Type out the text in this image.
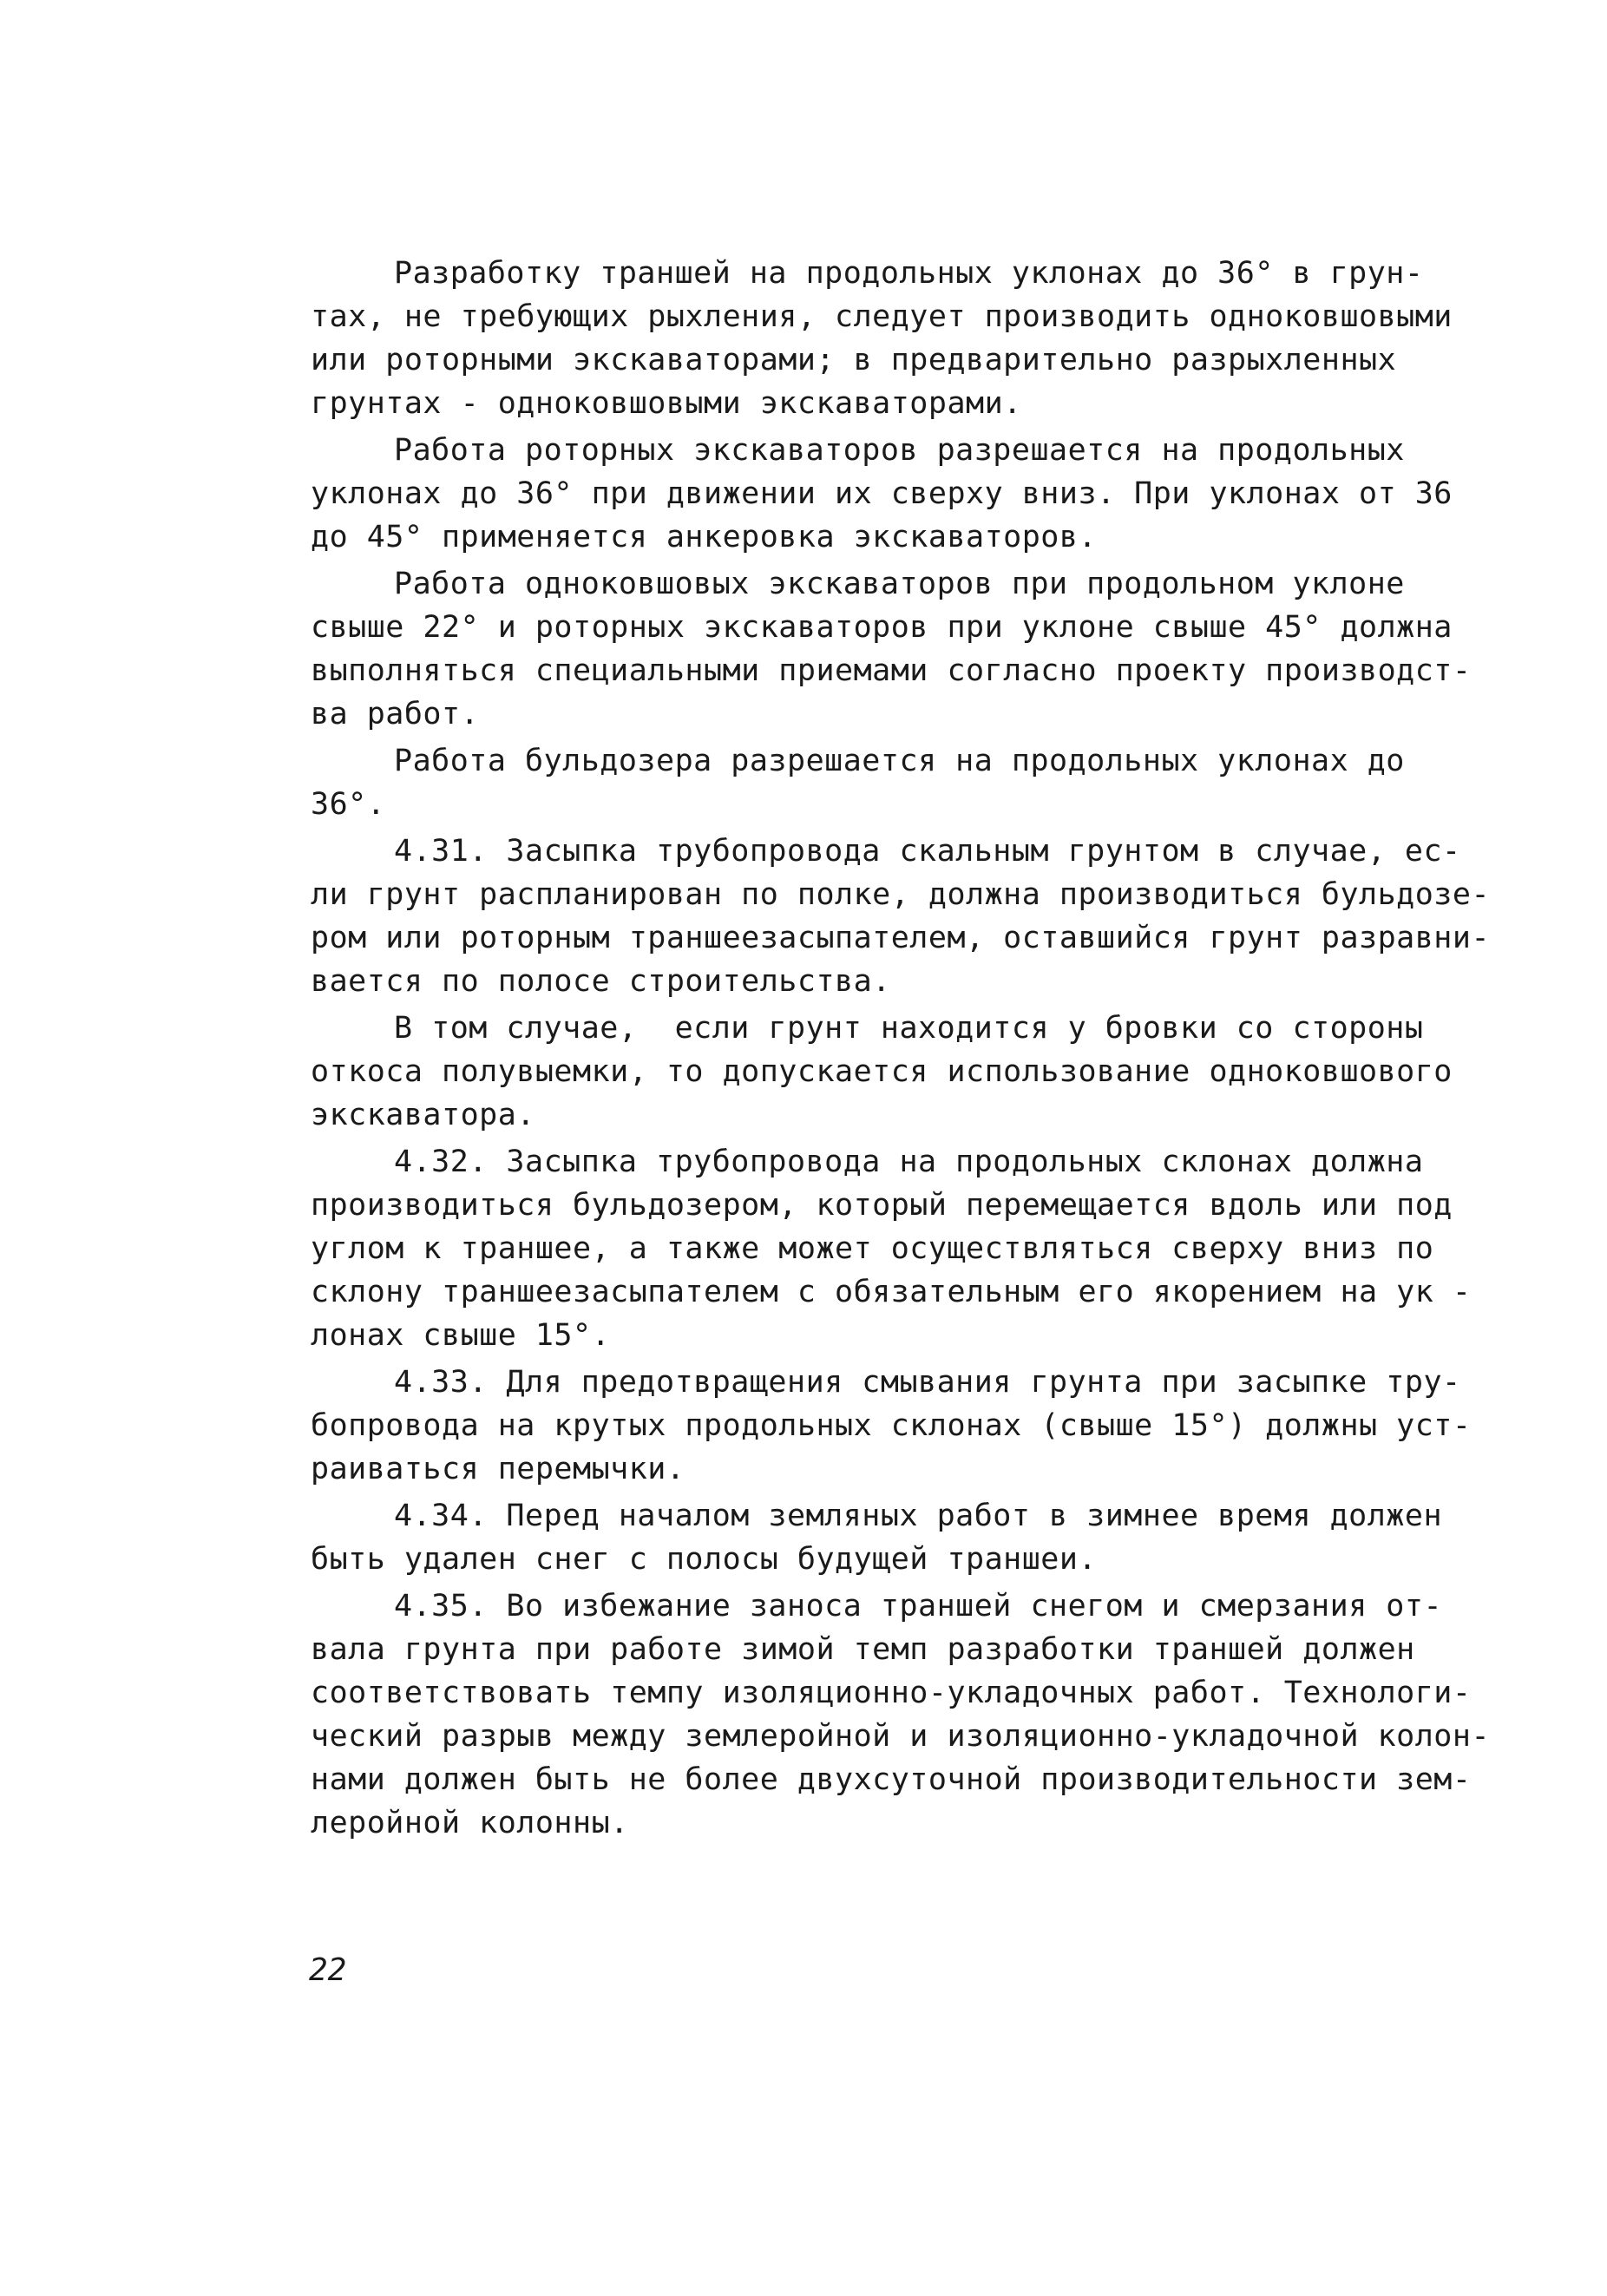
Разработку траншей на продольных уклонах до 36° в грун-
тах, не требующих рыхления, следует производить одноковшовыми
или роторными экскаваторами; в предварительно разрыхленных
грунтах - одноковшовыми экскаваторами.
Работа роторных экскаваторов разрешается на продольных
уклонах до 36° при движении их сверху вниз. При уклонах от 36
до 45° применяется анкеровка экскаваторов.
Работа одноковшовых экскаваторов при продольном уклоне
свыше 22° и роторных экскаваторов при уклоне свыше 45° должна
выполняться специальными приемами согласно проекту производст-
ва работ.
Работа бульдозера разрешается на продольных уклонах до
36°.
4.31. Засыпка трубопровода скальным грунтом в случае, ес-
ли грунт распланирован по полке, должна производиться бульдозе-
ром или роторным траншеезасыпателем, оставшийся грунт разравни-
вается по полосе строительства.
В том случае,  если грунт находится у бровки со стороны
откоса полувыемки, то допускается использование одноковшового
экскаватора.
4.32. Засыпка трубопровода на продольных склонах должна
производиться бульдозером, который перемещается вдоль или под
углом к траншее, а также может осуществляться сверху вниз по
склону траншеезасыпателем с обязательным его якорением на ук -
лонах свыше 15°.
4.33. Для предотвращения смывания грунта при засыпке тру-
бопровода на крутых продольных склонах (свыше 15°) должны уст-
раиваться перемычки.
4.34. Перед началом земляных работ в зимнее время должен
быть удален снег с полосы будущей траншеи.
4.35. Во избежание заноса траншей снегом и смерзания от-
вала грунта при работе зимой темп разработки траншей должен
соответствовать темпу изоляционно-укладочных работ. Технологи-
ческий разрыв между землеройной и изоляционно-укладочной колон-
нами должен быть не более двухсуточной производительности зем-
леройной колонны.
22
